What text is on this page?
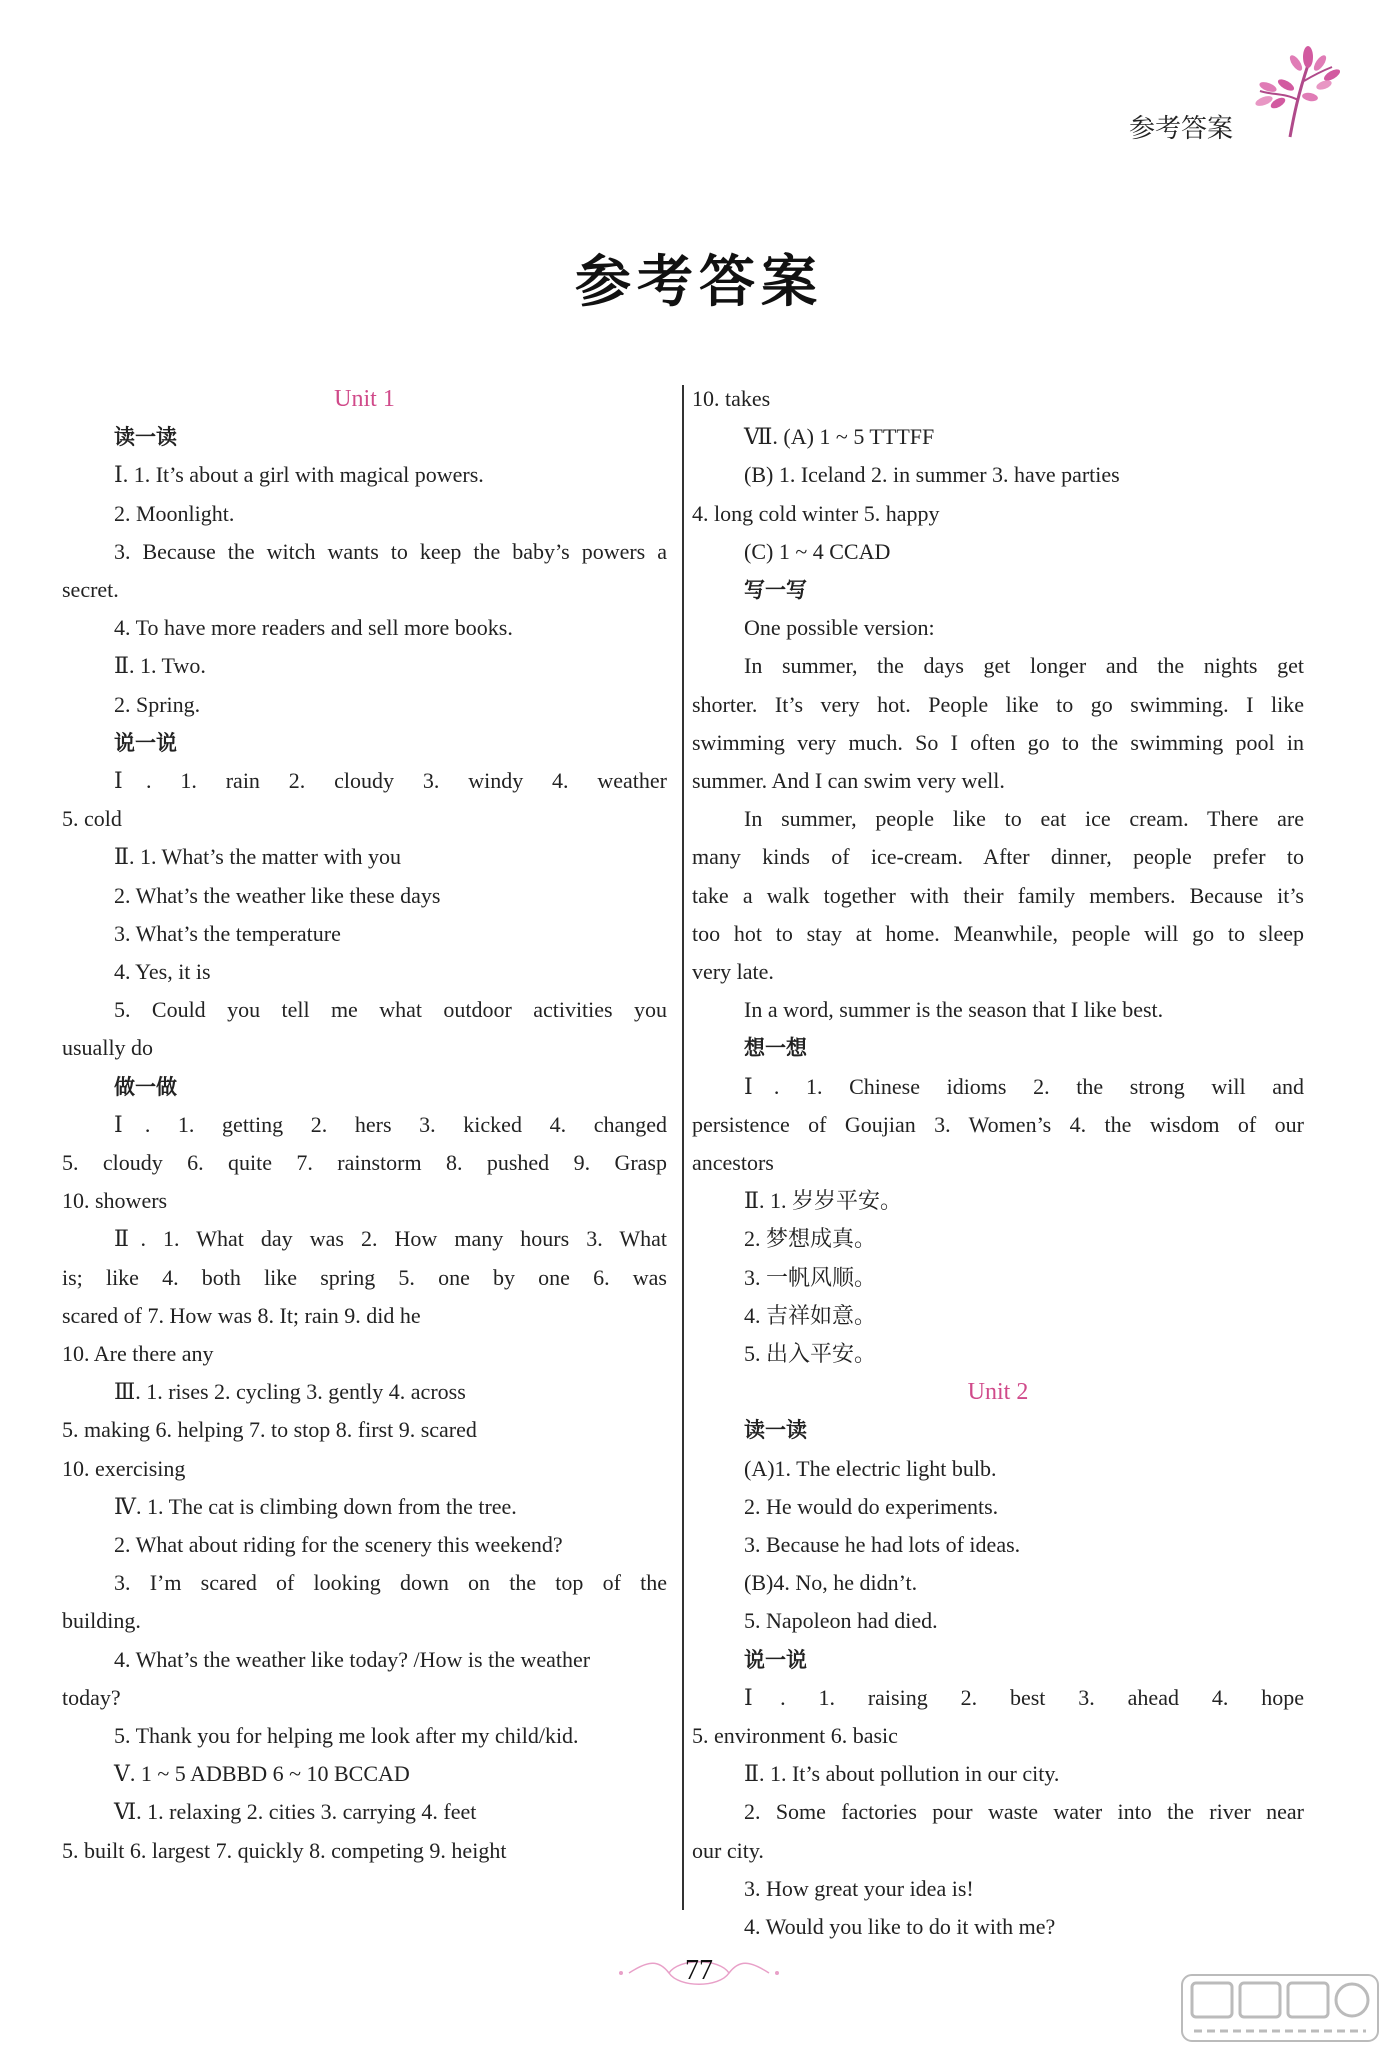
参考答案
参考答案
Unit 1
读一读
Ⅰ. 1. It’s about a girl with magical powers.
2. Moonlight.
3. Because the witch wants to keep the baby’s powers a
secret.
4. To have more readers and sell more books.
Ⅱ. 1. Two.
2. Spring.
说一说
Ⅰ. 1. rain 2. cloudy 3. windy 4. weather
5. cold
Ⅱ. 1. What’s the matter with you
2. What’s the weather like these days
3. What’s the temperature
4. Yes, it is
5. Could you tell me what outdoor activities you
usually do
做一做
Ⅰ. 1. getting 2. hers 3. kicked 4. changed
5. cloudy 6. quite 7. rainstorm 8. pushed 9. Grasp
10. showers
Ⅱ. 1. What day was 2. How many hours 3. What
is; like 4. both like spring 5. one by one 6. was
scared of 7. How was 8. It; rain 9. did he
10. Are there any
Ⅲ. 1. rises 2. cycling 3. gently 4. across
5. making 6. helping 7. to stop 8. first 9. scared
10. exercising
Ⅳ. 1. The cat is climbing down from the tree.
2. What about riding for the scenery this weekend?
3. I’m scared of looking down on the top of the
building.
4. What’s the weather like today? /How is the weather
today?
5. Thank you for helping me look after my child/kid.
Ⅴ. 1 ~ 5 ADBBD 6 ~ 10 BCCAD
Ⅵ. 1. relaxing 2. cities 3. carrying 4. feet
5. built 6. largest 7. quickly 8. competing 9. height
10. takes
Ⅶ. (A) 1 ~ 5 TTTFF
(B) 1. Iceland 2. in summer 3. have parties
4. long cold winter 5. happy
(C) 1 ~ 4 CCAD
写一写
One possible version:
In summer, the days get longer and the nights get
shorter. It’s very hot. People like to go swimming. I like
swimming very much. So I often go to the swimming pool in
summer. And I can swim very well.
In summer, people like to eat ice cream. There are
many kinds of ice-cream. After dinner, people prefer to
take a walk together with their family members. Because it’s
too hot to stay at home. Meanwhile, people will go to sleep
very late.
In a word, summer is the season that I like best.
想一想
Ⅰ. 1. Chinese idioms 2. the strong will and
persistence of Goujian 3. Women’s 4. the wisdom of our
ancestors
Ⅱ. 1. 岁岁平安。
2. 梦想成真。
3. 一帆风顺。
4. 吉祥如意。
5. 出入平安。
Unit 2
读一读
(A)1. The electric light bulb.
2. He would do experiments.
3. Because he had lots of ideas.
(B)4. No, he didn’t.
5. Napoleon had died.
说一说
Ⅰ. 1. raising 2. best 3. ahead 4. hope
5. environment 6. basic
Ⅱ. 1. It’s about pollution in our city.
2. Some factories pour waste water into the river near
our city.
3. How great your idea is!
4. Would you like to do it with me?
77
